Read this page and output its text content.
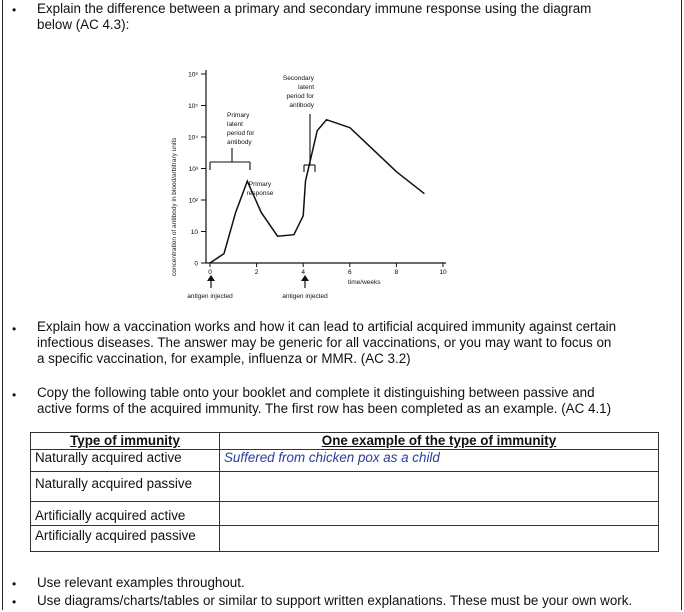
• Explain the difference between a primary and secondary immune response using the diagram
below (AC 4.3):
concentration of antibody in blood/arbitrary units	0
10
10²
10³
10⁴
10⁵
10⁶
0	2	4	6	8	10
Secondary
latent
period for
antibody
Primary
latent
period for
antibody
Primary
response
time/weeks
antigen injected	antigen injected
• Explain how a vaccination works and how it can lead to artificial acquired immunity against certain
infectious diseases. The answer may be generic for all vaccinations, or you may want to focus on
a specific vaccination, for example, influenza or MMR. (AC 3.2)
• Copy the following table onto your booklet and complete it distinguishing between passive and
active forms of the acquired immunity. The first row has been completed as an example. (AC 4.1)
Type of immunity	One example of the type of immunity
Naturally acquired active	Suffered from chicken pox as a child
Naturally acquired passive	
Artificially acquired active	
Artificially acquired passive	
• Use relevant examples throughout.
• Use diagrams/charts/tables or similar to support written explanations. These must be your own work.
